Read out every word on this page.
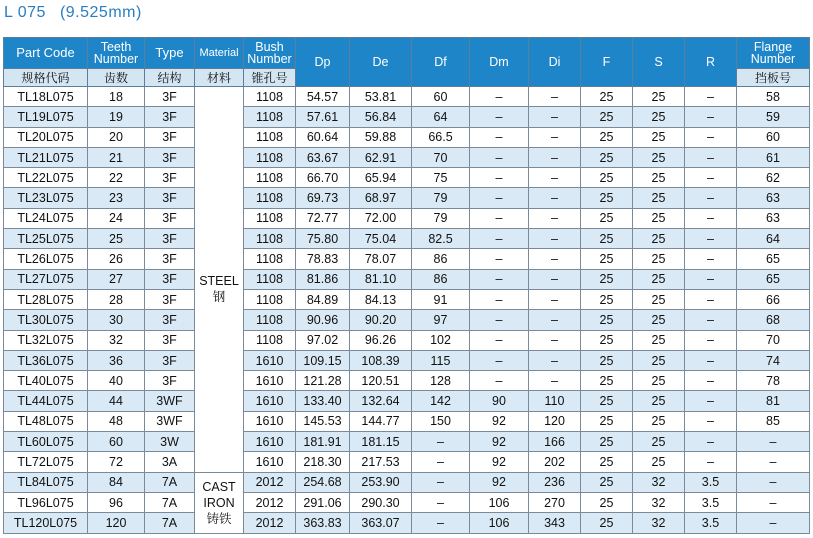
L 075 (9.525mm)
Part Code	Teeth Number	Type	Material	Bush Number	Dp	De	Df	Dm	Di	F	S	R	Flange Number
规格代码	齿数	结构	材料	锥孔号									挡板号
TL18L075	18	3F	STEEL
钢	1108	54.57	53.81	60	–	–	25	25	–	58
TL19L075	19	3F		1108	57.61	56.84	64	–	–	25	25	–	59
TL20L075	20	3F		1108	60.64	59.88	66.5	–	–	25	25	–	60
TL21L075	21	3F		1108	63.67	62.91	70	–	–	25	25	–	61
TL22L075	22	3F		1108	66.70	65.94	75	–	–	25	25	–	62
TL23L075	23	3F		1108	69.73	68.97	79	–	–	25	25	–	63
TL24L075	24	3F		1108	72.77	72.00	79	–	–	25	25	–	63
TL25L075	25	3F		1108	75.80	75.04	82.5	–	–	25	25	–	64
TL26L075	26	3F		1108	78.83	78.07	86	–	–	25	25	–	65
TL27L075	27	3F		1108	81.86	81.10	86	–	–	25	25	–	65
TL28L075	28	3F		1108	84.89	84.13	91	–	–	25	25	–	66
TL30L075	30	3F		1108	90.96	90.20	97	–	–	25	25	–	68
TL32L075	32	3F		1108	97.02	96.26	102	–	–	25	25	–	70
TL36L075	36	3F		1610	109.15	108.39	115	–	–	25	25	–	74
TL40L075	40	3F		1610	121.28	120.51	128	–	–	25	25	–	78
TL44L075	44	3WF		1610	133.40	132.64	142	90	110	25	25	–	81
TL48L075	48	3WF		1610	145.53	144.77	150	92	120	25	25	–	85
TL60L075	60	3W		1610	181.91	181.15	–	92	166	25	25	–	–
TL72L075	72	3A		1610	218.30	217.53	–	92	202	25	25	–	–
TL84L075	84	7A	CAST
IRON
铸铁	2012	254.68	253.90	–	92	236	25	32	3.5	–
TL96L075	96	7A		2012	291.06	290.30	–	106	270	25	32	3.5	–
TL120L075	120	7A		2012	363.83	363.07	–	106	343	25	32	3.5	–
